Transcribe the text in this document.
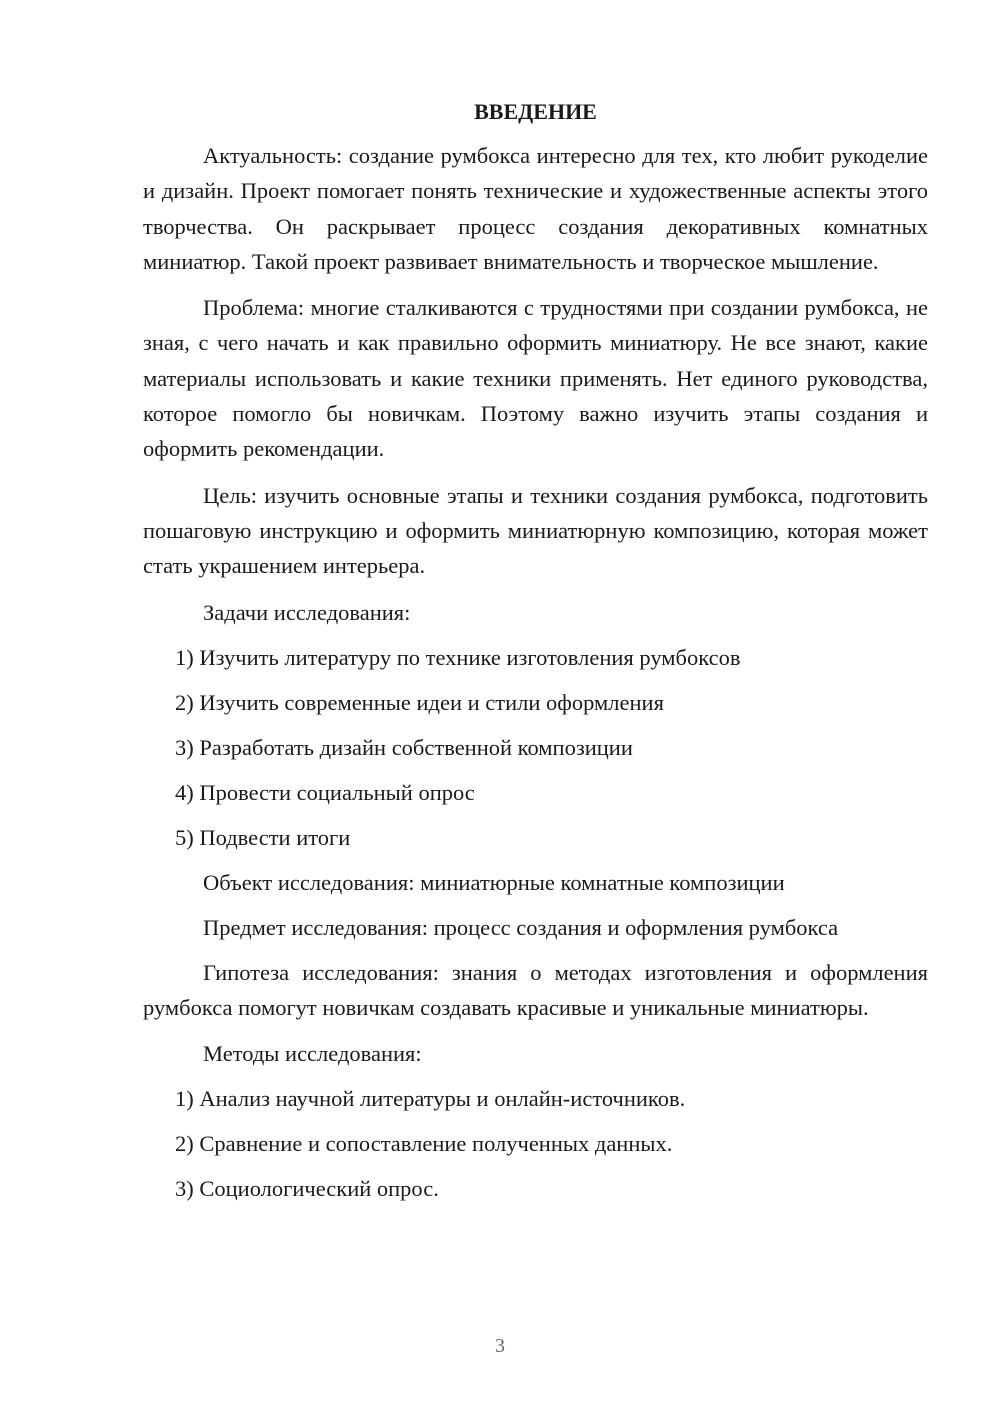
ВВЕДЕНИЕ

Актуальность: создание румбокса интересно для тех, кто любит рукоделие и дизайн. Проект помогает понять технические и художественные аспекты этого творчества. Он раскрывает процесс создания декоративных комнатных миниатюр. Такой проект развивает внимательность и творческое мышление.

Проблема: многие сталкиваются с трудностями при создании румбокса, не зная, с чего начать и как правильно оформить миниатюру. Не все знают, какие материалы использовать и какие техники применять. Нет единого руководства, которое помогло бы новичкам. Поэтому важно изучить этапы создания и оформить рекомендации.

Цель: изучить основные этапы и техники создания румбокса, подготовить пошаговую инструкцию и оформить миниатюрную композицию, которая может стать украшением интерьера.

Задачи исследования:

1) Изучить литературу по технике изготовления румбоксов

2) Изучить современные идеи и стили оформления

3) Разработать дизайн собственной композиции

4) Провести социальный опрос

5) Подвести итоги

Объект исследования: миниатюрные комнатные композиции

Предмет исследования: процесс создания и оформления румбокса

Гипотеза исследования: знания о методах изготовления и оформления румбокса помогут новичкам создавать красивые и уникальные миниатюры.

Методы исследования:

1) Анализ научной литературы и онлайн-источников.

2) Сравнение и сопоставление полученных данных.

3) Социологический опрос.

3
